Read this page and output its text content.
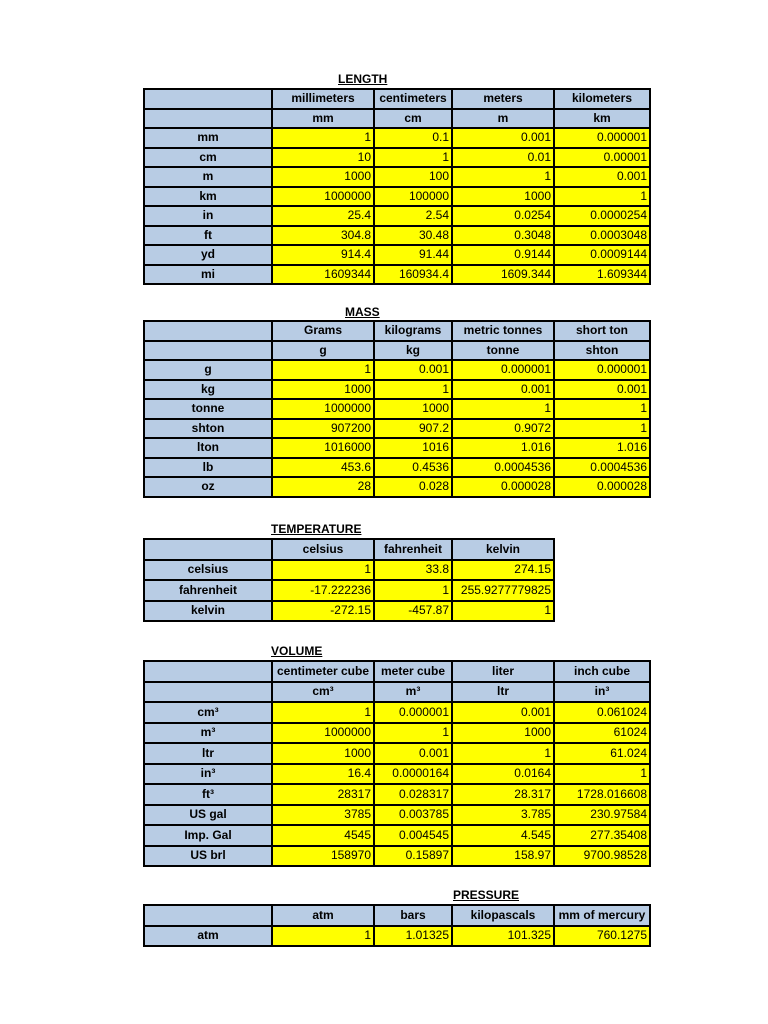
LENGTH
	millimeters	centimeters	meters	kilometers
	mm	cm	m	km
mm	1	0.1	0.001	0.000001
cm	10	1	0.01	0.00001
m	1000	100	1	0.001
km	1000000	100000	1000	1
in	25.4	2.54	0.0254	0.0000254
ft	304.8	30.48	0.3048	0.0003048
yd	914.4	91.44	0.9144	0.0009144
mi	1609344	160934.4	1609.344	1.609344
MASS
	Grams	kilograms	metric tonnes	short ton
	g	kg	tonne	shton
g	1	0.001	0.000001	0.000001
kg	1000	1	0.001	0.001
tonne	1000000	1000	1	1
shton	907200	907.2	0.9072	1
lton	1016000	1016	1.016	1.016
lb	453.6	0.4536	0.0004536	0.0004536
oz	28	0.028	0.000028	0.000028
TEMPERATURE
	celsius	fahrenheit	kelvin
celsius	1	33.8	274.15
fahrenheit	-17.222236	1	255.9277779825
kelvin	-272.15	-457.87	1
VOLUME
	centimeter cube	meter cube	liter	inch cube
	cm³	m³	ltr	in³
cm³	1	0.000001	0.001	0.061024
m³	1000000	1	1000	61024
ltr	1000	0.001	1	61.024
in³	16.4	0.0000164	0.0164	1
ft³	28317	0.028317	28.317	1728.016608
US gal	3785	0.003785	3.785	230.97584
Imp. Gal	4545	0.004545	4.545	277.35408
US brl	158970	0.15897	158.97	9700.98528
PRESSURE
	atm	bars	kilopascals	mm of mercury
atm	1	1.01325	101.325	760.1275
